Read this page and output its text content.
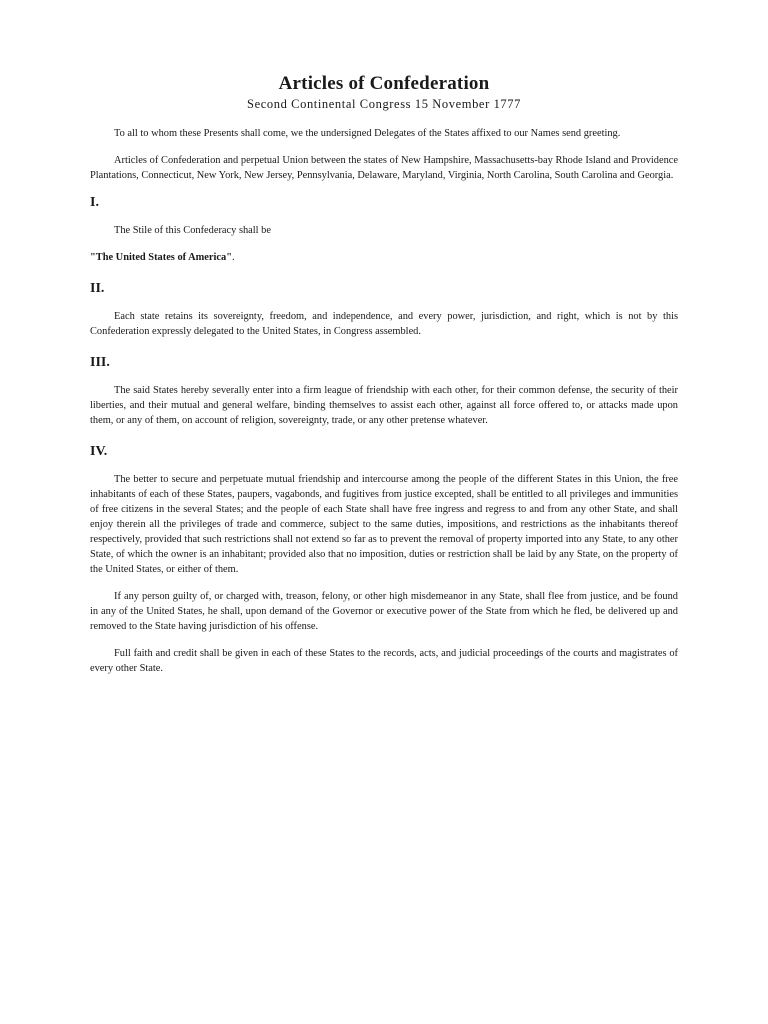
Articles of Confederation
Second Continental Congress 15 November 1777

To all to whom these Presents shall come, we the undersigned Delegates of the States affixed to our Names send greeting.

Articles of Confederation and perpetual Union between the states of New Hampshire, Massachusetts-bay Rhode Island and Providence Plantations, Connecticut, New York, New Jersey, Pennsylvania, Delaware, Maryland, Virginia, North Carolina, South Carolina and Georgia.

I.

The Stile of this Confederacy shall be

"The United States of America".
II.

Each state retains its sovereignty, freedom, and independence, and every power, jurisdiction, and right, which is not by this Confederation expressly delegated to the United States, in Congress assembled.

III.

The said States hereby severally enter into a firm league of friendship with each other, for their common defense, the security of their liberties, and their mutual and general welfare, binding themselves to assist each other, against all force offered to, or attacks made upon them, or any of them, on account of religion, sovereignty, trade, or any other pretense whatever.

IV.

The better to secure and perpetuate mutual friendship and intercourse among the people of the different States in this Union, the free inhabitants of each of these States, paupers, vagabonds, and fugitives from justice excepted, shall be entitled to all privileges and immunities of free citizens in the several States; and the people of each State shall have free ingress and regress to and from any other State, and shall enjoy therein all the privileges of trade and commerce, subject to the same duties, impositions, and restrictions as the inhabitants thereof respectively, provided that such restrictions shall not extend so far as to prevent the removal of property imported into any State, to any other State, of which the owner is an inhabitant; provided also that no imposition, duties or restriction shall be laid by any State, on the property of the United States, or either of them.

If any person guilty of, or charged with, treason, felony, or other high misdemeanor in any State, shall flee from justice, and be found in any of the United States, he shall, upon demand of the Governor or executive power of the State from which he fled, be delivered up and removed to the State having jurisdiction of his offense.

Full faith and credit shall be given in each of these States to the records, acts, and judicial proceedings of the courts and magistrates of every other State.
